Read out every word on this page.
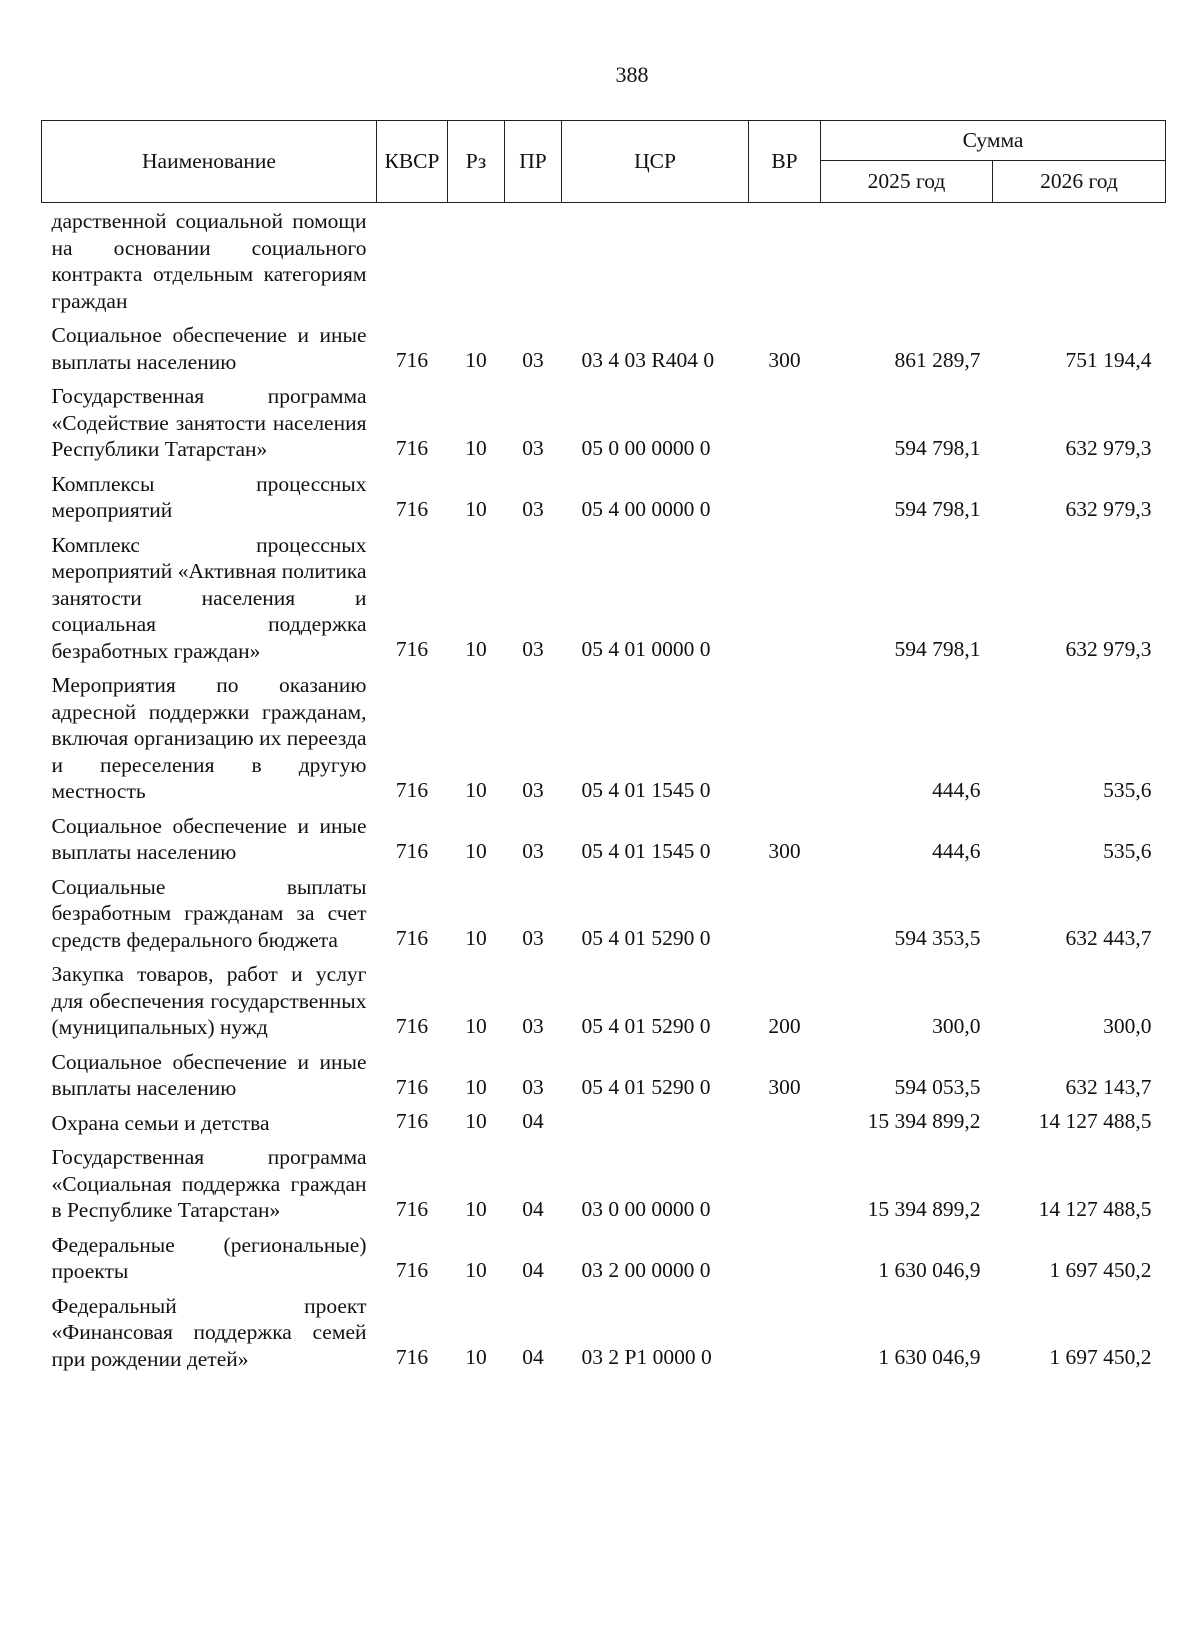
388
Наименование	КВСР	Рз	ПР	ЦСР	ВР	Сумма	
						2025 год	2026 год
дарственной социальной помощи на основании социального контракта отдельным категориям граждан							
Социальное обеспечение и иные выплаты населению	716	10	03	03 4 03 R404 0	300	861 289,7	751 194,4
Государственная программа «Содействие занятости населения Республики Татарстан»	716	10	03	05 0 00 0000 0		594 798,1	632 979,3
Комплексы процессных мероприятий	716	10	03	05 4 00 0000 0		594 798,1	632 979,3
Комплекс процессных мероприятий «Активная политика занятости населения и социальная поддержка безработных граждан»	716	10	03	05 4 01 0000 0		594 798,1	632 979,3
Мероприятия по оказанию адресной поддержки гражданам, включая организацию их переезда и переселения в другую местность	716	10	03	05 4 01 1545 0		444,6	535,6
Социальное обеспечение и иные выплаты населению	716	10	03	05 4 01 1545 0	300	444,6	535,6
Социальные выплаты безработным гражданам за счет средств федерального бюджета	716	10	03	05 4 01 5290 0		594 353,5	632 443,7
Закупка товаров, работ и услуг для обеспечения государственных (муниципальных) нужд	716	10	03	05 4 01 5290 0	200	300,0	300,0
Социальное обеспечение и иные выплаты населению	716	10	03	05 4 01 5290 0	300	594 053,5	632 143,7
Охрана семьи и детства	716	10	04			15 394 899,2	14 127 488,5
Государственная программа «Социальная поддержка граждан в Республике Татарстан»	716	10	04	03 0 00 0000 0		15 394 899,2	14 127 488,5
Федеральные (региональные) проекты	716	10	04	03 2 00 0000 0		1 630 046,9	1 697 450,2
Федеральный проект «Финансовая поддержка семей при рождении детей»	716	10	04	03 2 P1 0000 0		1 630 046,9	1 697 450,2
